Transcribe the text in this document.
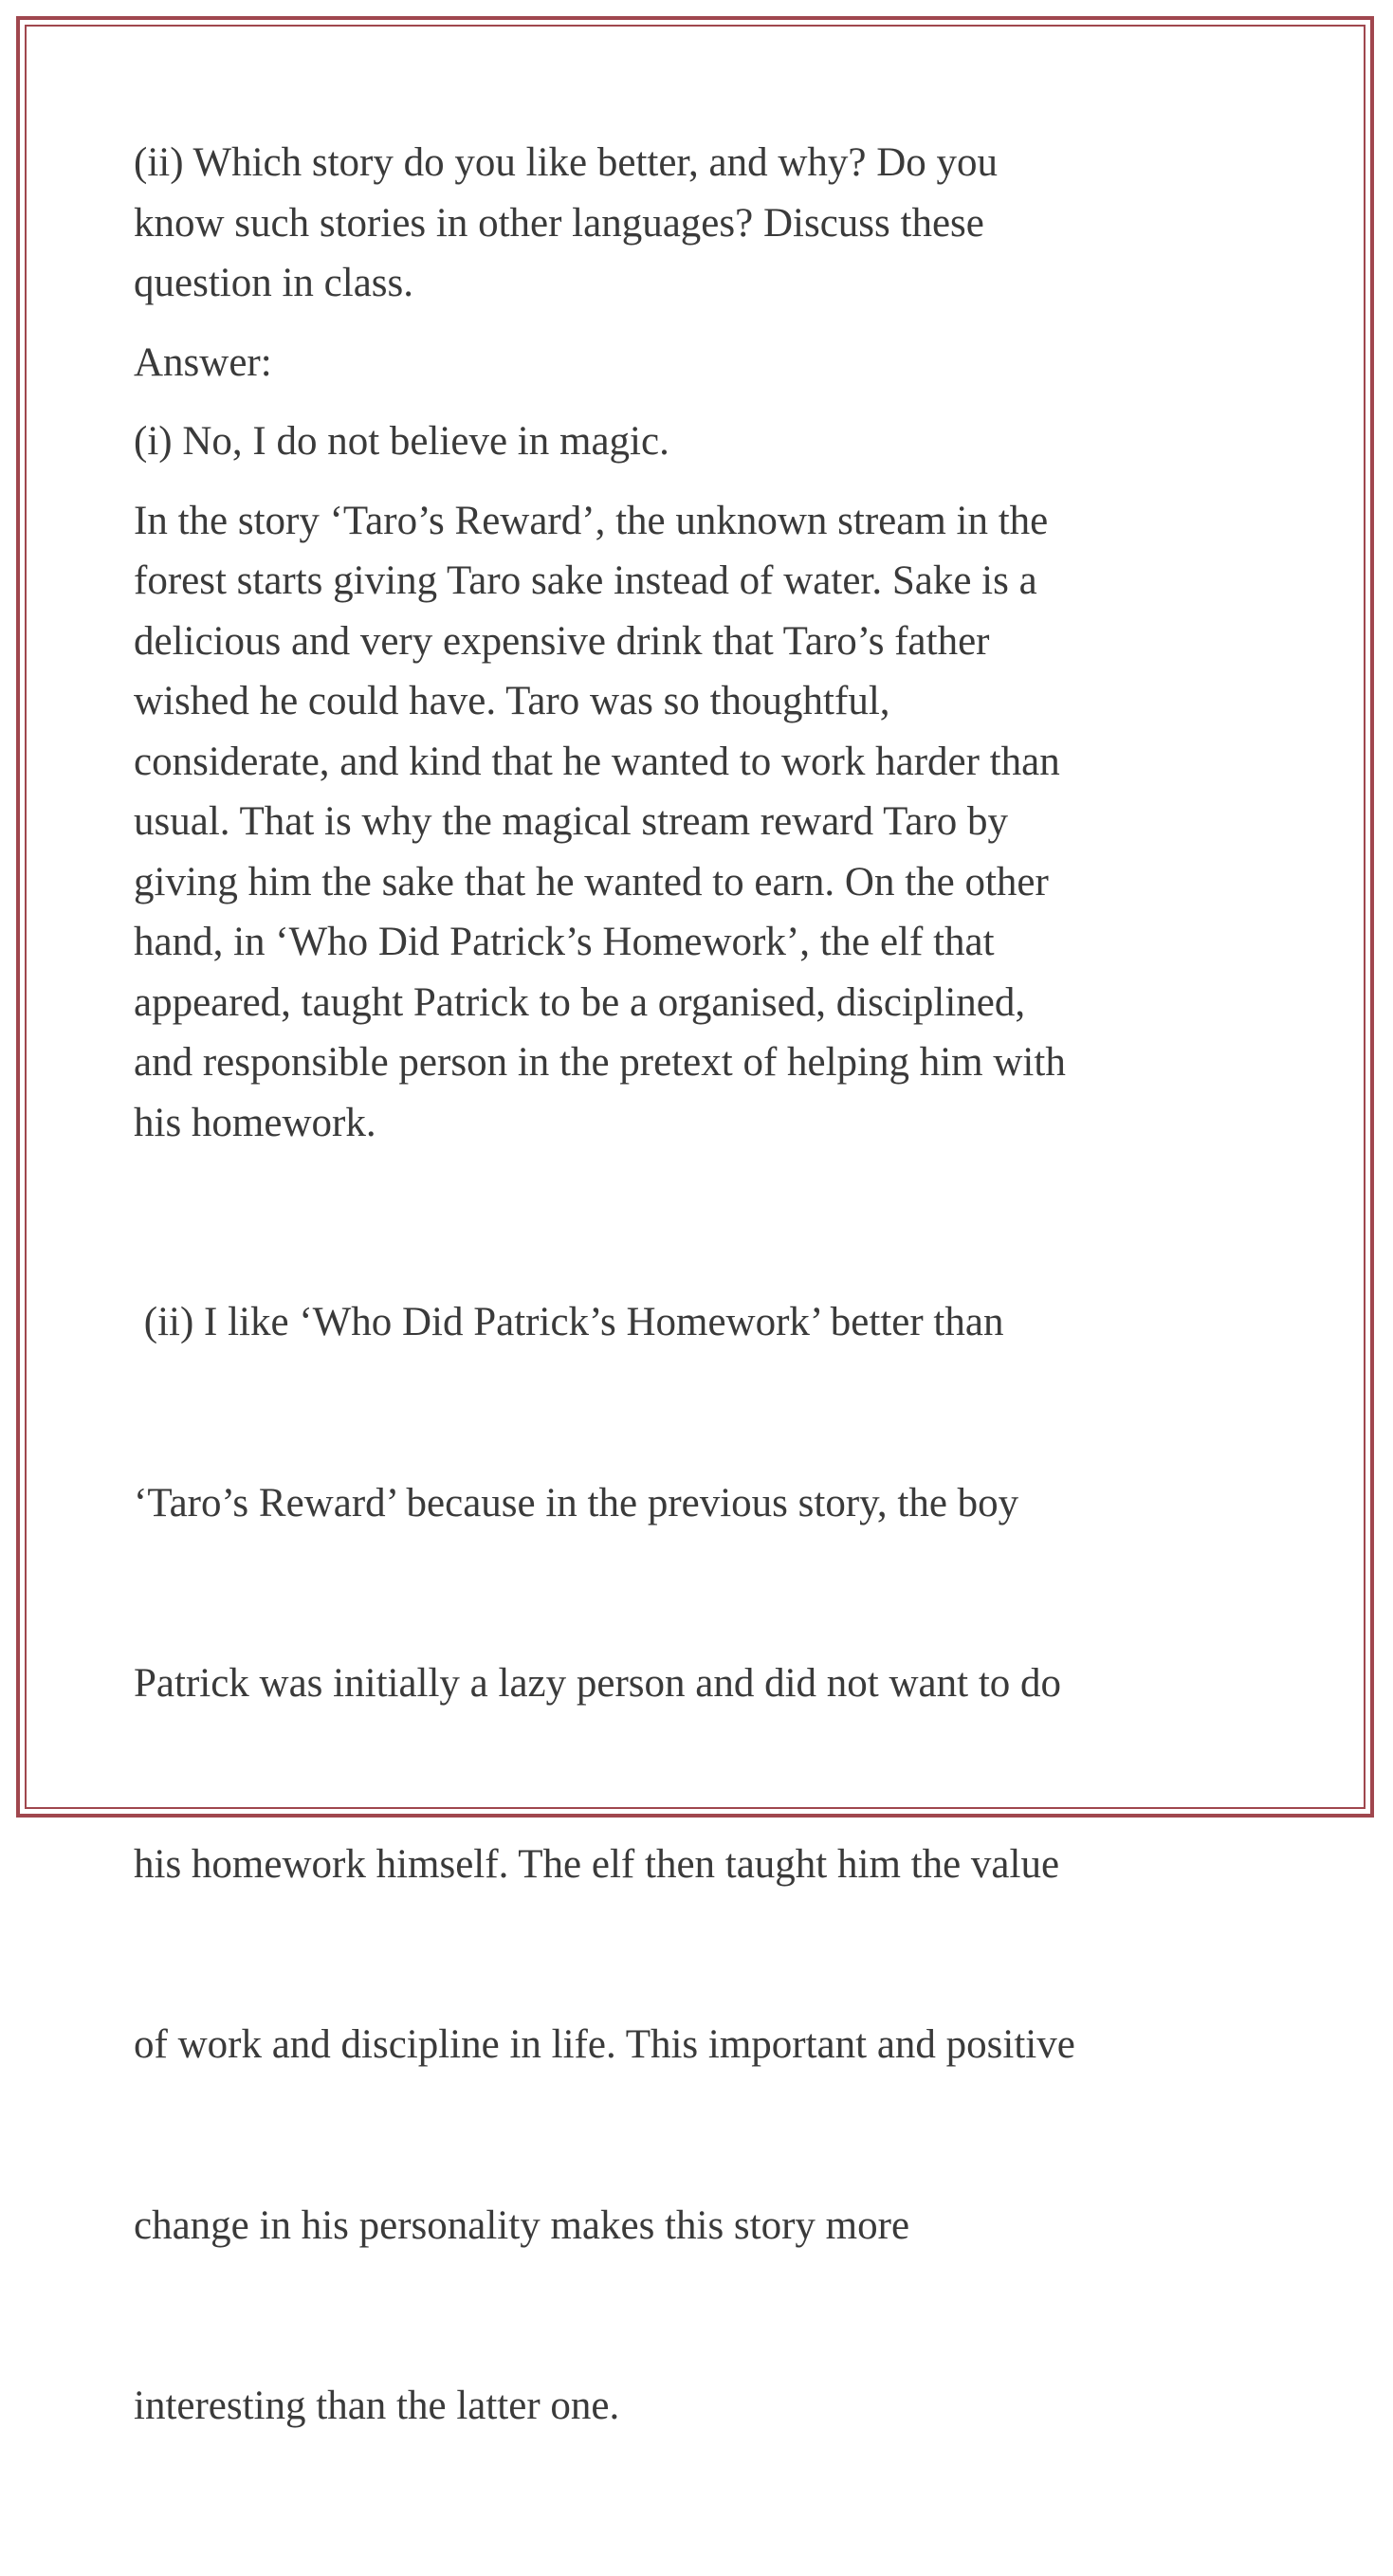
(ii) Which story do you like better, and why? Do you
know such stories in other languages? Discuss these
question in class.

Answer:

(i) No, I do not believe in magic.

In the story ‘Taro’s Reward’, the unknown stream in the
forest starts giving Taro sake instead of water. Sake is a
delicious and very expensive drink that Taro’s father
wished he could have. Taro was so thoughtful,
considerate, and kind that he wanted to work harder than
usual. That is why the magical stream reward Taro by
giving him the sake that he wanted to earn. On the other
hand, in ‘Who Did Patrick’s Homework’, the elf that
appeared, taught Patrick to be a organised, disciplined,
and responsible person in the pretext of helping him with
his homework.

(ii) I like ‘Who Did Patrick’s Homework’ better than

‘Taro’s Reward’ because in the previous story, the boy

Patrick was initially a lazy person and did not want to do

his homework himself. The elf then taught him the value

of work and discipline in life. This important and positive

change in his personality makes this story more

interesting than the latter one.
